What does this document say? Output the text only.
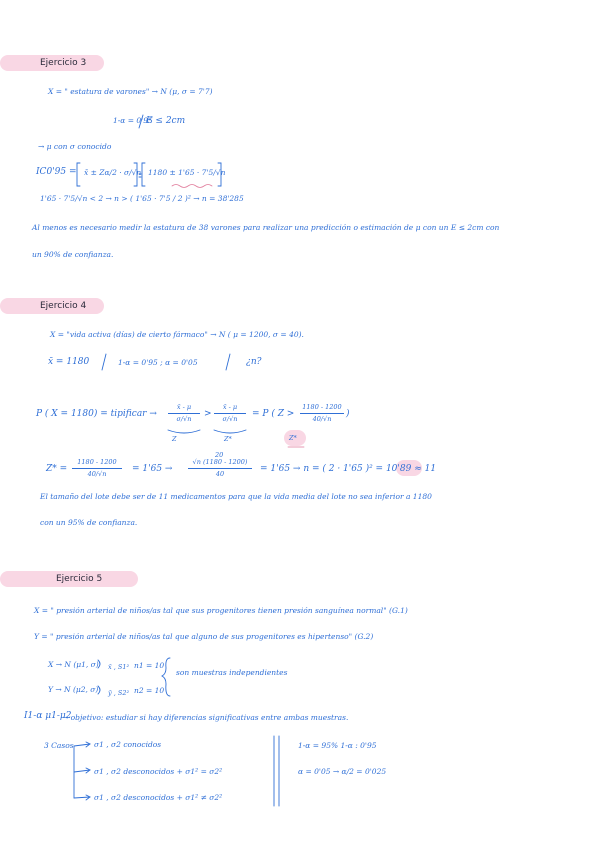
Ejercicio 3
X = " estatura de varones" → N (μ, σ = 7'7)
1-α = 0'95
E ≤ 2cm
→ μ con σ conocido
IC0'95 = x̄ ± Zα/2 · σ/√n 1180 ± 1'65 · 7'5/√n
1'65 · 7'5/√n < 2 → n > ( 1'65 · 7'5 / 2 )² → n = 38'285
Al menos es necesario medir la estatura de 38 varones para realizar una predicción o estimación de μ con un E ≤ 2cm con
un 90% de confianza.
Ejercicio 4
X = "vida activa (días) de cierto fármaco" → N ( μ = 1200, σ = 40).
x̄ = 1180	1-α = 0'95 ; α = 0'05	¿n?
P ( X = 1180) = tipificar →
x̄ - μ
σ/√n	>
x̄ - μ
σ/√n	= P ( Z >
1180 - 1200
40/√n	)
Z	Z*	Z*
Z* =
1180 - 1200
40/√n	= 1'65 →
20
√n (1180 - 1200)
40	= 1'65 → n = ( 2 · 1'65 )² = 10'89 ≈ 11
El tamaño del lote debe ser de 11 medicamentos para que la vida media del lote no sea inferior a 1180
con un 95% de confianza.
Ejercicio 5
X = " presión arterial de niños/as tal que sus progenitores tienen presión sanguínea normal" (G.1)
Y = " presión arterial de niños/as tal que alguno de sus progenitores es hipertenso" (G.2)
X → N (μ1, σ) x̄ , S1² n1 = 10
Y → N (μ2, σ) ȳ , S2² n2 = 10
son muestras independientes
I1-α μ1-μ2
→ objetivo: estudiar si hay diferencias significativas entre ambas muestras.
3 Casos	σ1 , σ2 conocidos
σ1 , σ2 desconocidos + σ1² = σ2²
σ1 , σ2 desconocidos + σ1² ≠ σ2²
1-α = 95% 1-α : 0'95
α = 0'05 → α/2 = 0'025
